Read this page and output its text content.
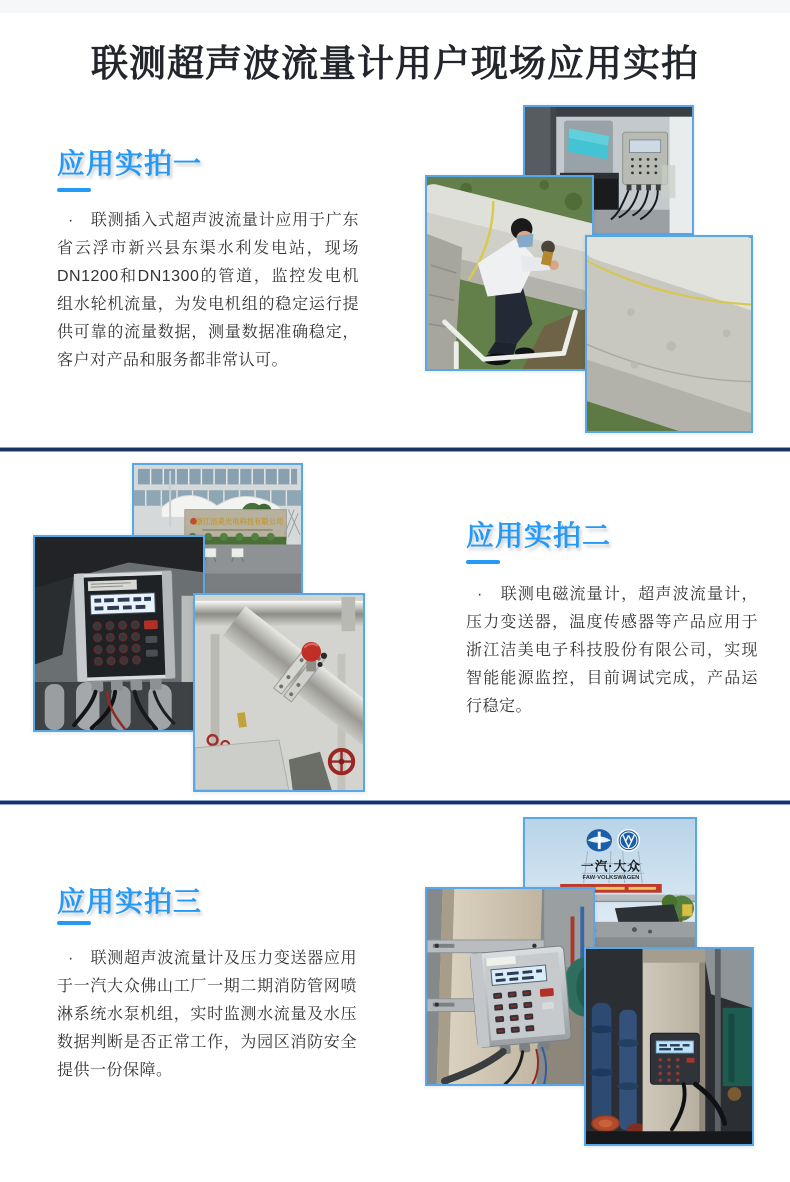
联测超声波流量计用户现场应用实拍
应用实拍一

·　联测插入式超声波流量计应用于广东省云浮市新兴县东渠水利发电站，现场DN1200和DN1300的管道，监控发电机组水轮机流量，为发电机组的稳定运行提供可靠的流量数据，测量数据准确稳定，客户对产品和服务都非常认可。

浙江洁美光电科技有限公司	应用实拍二

·　联测电磁流量计，超声波流量计，压力变送器，温度传感器等产品应用于浙江洁美电子科技股份有限公司，实现智能能源监控，目前调试完成，产品运行稳定。

应用实拍三

·　联测超声波流量计及压力变送器应用于一汽大众佛山工厂一期二期消防管网喷淋系统水泵机组，实时监测水流量及水压数据判断是否正常工作，为园区消防安全提供一份保障。

一汽·大众
FAW·VOLKSWAGEN
